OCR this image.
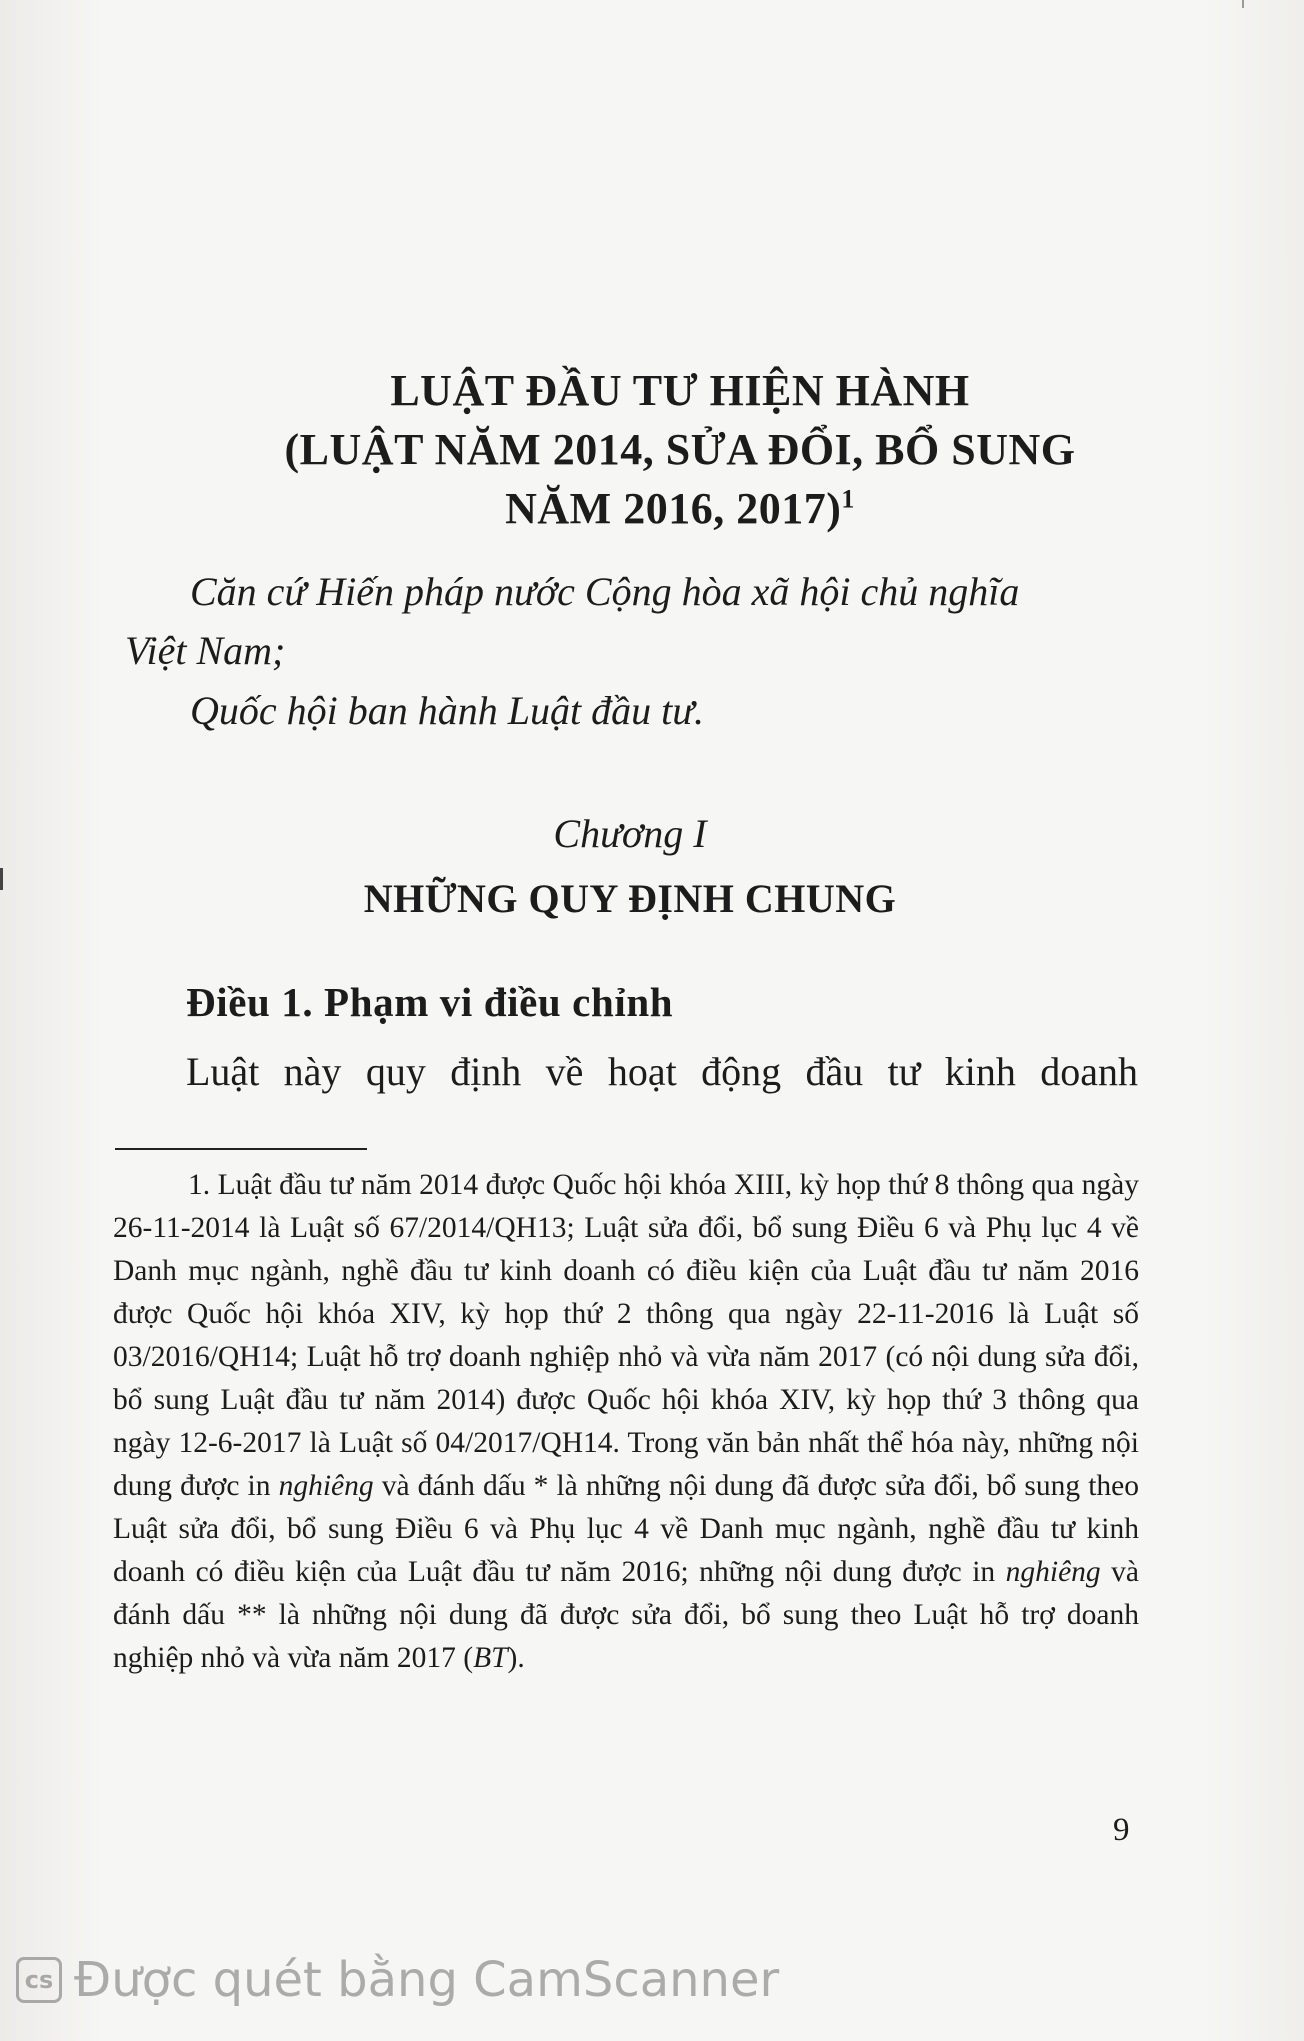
LUẬT ĐẦU TƯ HIỆN HÀNH
(LUẬT NĂM 2014, SỬA ĐỔI, BỔ SUNG
NĂM 2016, 2017)$^1$
Căn cứ Hiến pháp nước Cộng hòa xã hội chủ nghĩa
Việt Nam;
Quốc hội ban hành Luật đầu tư.
Chương I
NHỮNG QUY ĐỊNH CHUNG
Điều 1. Phạm vi điều chỉnh
Luật này quy định về hoạt động đầu tư kinh doanh

1. Luật đầu tư năm 2014 được Quốc hội khóa XIII, kỳ họp thứ 8 thông qua ngày 26-11-2014 là Luật số 67/2014/QH13; Luật sửa đổi, bổ sung Điều 6 và Phụ lục 4 về Danh mục ngành, nghề đầu tư kinh doanh có điều kiện của Luật đầu tư năm 2016 được Quốc hội khóa XIV, kỳ họp thứ 2 thông qua ngày 22-11-2016 là Luật số 03/2016/QH14; Luật hỗ trợ doanh nghiệp nhỏ và vừa năm 2017 (có nội dung sửa đổi, bổ sung Luật đầu tư năm 2014) được Quốc hội khóa XIV, kỳ họp thứ 3 thông qua ngày 12-6-2017 là Luật số 04/2017/QH14. Trong văn bản nhất thể hóa này, những nội dung được in nghiêng và đánh dấu * là những nội dung đã được sửa đổi, bổ sung theo Luật sửa đổi, bổ sung Điều 6 và Phụ lục 4 về Danh mục ngành, nghề đầu tư kinh doanh có điều kiện của Luật đầu tư năm 2016; những nội dung được in nghiêng và đánh dấu ** là những nội dung đã được sửa đổi, bổ sung theo Luật hỗ trợ doanh nghiệp nhỏ và vừa năm 2017 (BT).

9
cs Được quét bằng CamScanner
